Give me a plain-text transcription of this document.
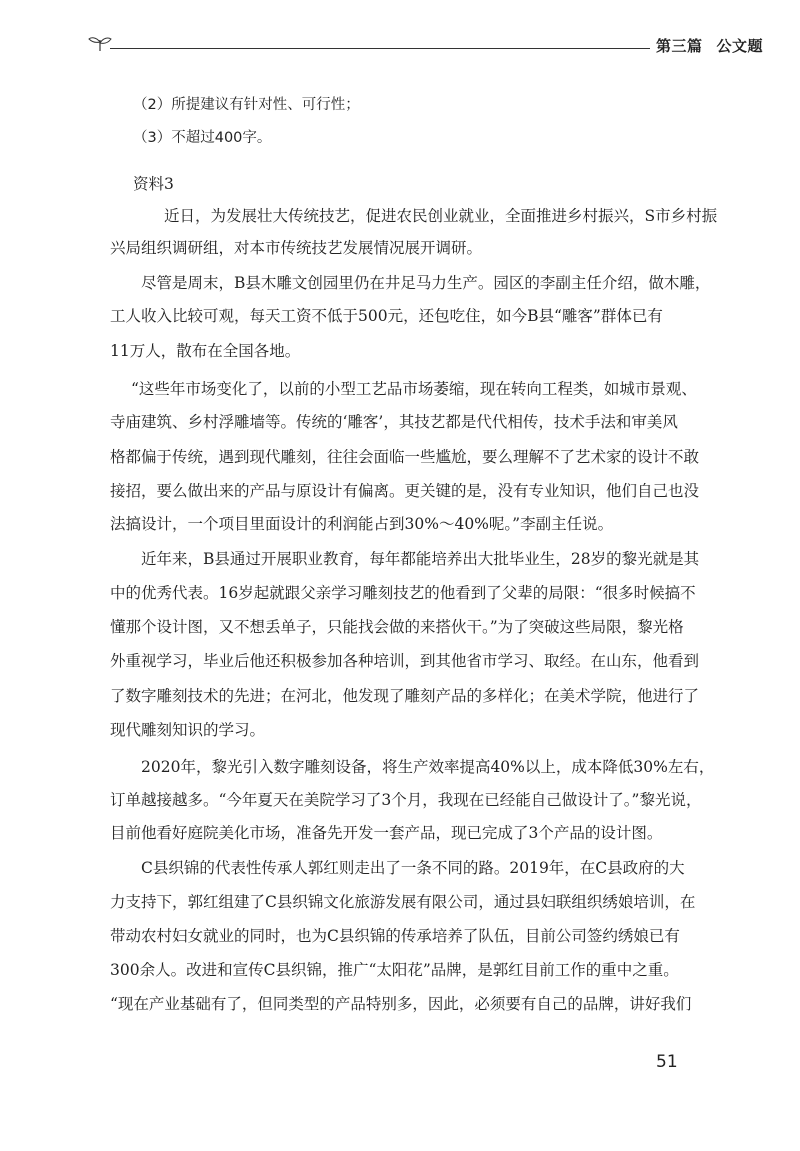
第三篇 公文题
（2）所提建议有针对性、可行性；
（3）不超过400字。
资料3
近日，为发展壮大传统技艺，促进农民创业就业，全面推进乡村振兴，S市乡村振
兴局组织调研组，对本市传统技艺发展情况展开调研。
尽管是周末，B县木雕文创园里仍在井足马力生产。园区的李副主任介绍，做木雕，
工人收入比较可观，每天工资不低于500元，还包吃住，如今B县“雕客”群体已有
11万人，散布在全国各地。
“这些年市场变化了，以前的小型工艺品市场萎缩，现在转向工程类，如城市景观、
寺庙建筑、乡村浮雕墙等。传统的‘雕客’，其技艺都是代代相传，技术手法和审美风
格都偏于传统，遇到现代雕刻，往往会面临一些尴尬，要么理解不了艺术家的设计不敢
接招，要么做出来的产品与原设计有偏离。更关键的是，没有专业知识，他们自己也没
法搞设计，一个项目里面设计的利润能占到30%～40%呢。”李副主任说。
近年来，B县通过开展职业教育，每年都能培养出大批毕业生，28岁的黎光就是其
中的优秀代表。16岁起就跟父亲学习雕刻技艺的他看到了父辈的局限：“很多时候搞不
懂那个设计图，又不想丢单子，只能找会做的来搭伙干。”为了突破这些局限，黎光格
外重视学习，毕业后他还积极参加各种培训，到其他省市学习、取经。在山东，他看到
了数字雕刻技术的先进；在河北，他发现了雕刻产品的多样化；在美术学院，他进行了
现代雕刻知识的学习。
2020年，黎光引入数字雕刻设备，将生产效率提高40%以上，成本降低30%左右，
订单越接越多。“今年夏天在美院学习了3个月，我现在已经能自己做设计了。”黎光说，
目前他看好庭院美化市场，准备先开发一套产品，现已完成了3个产品的设计图。
C县织锦的代表性传承人郭红则走出了一条不同的路。2019年，在C县政府的大
力支持下，郭红组建了C县织锦文化旅游发展有限公司，通过县妇联组织绣娘培训，在
带动农村妇女就业的同时，也为C县织锦的传承培养了队伍，目前公司签约绣娘已有
300余人。改进和宣传C县织锦，推广“太阳花”品牌，是郭红目前工作的重中之重。
“现在产业基础有了，但同类型的产品特别多，因此，必须要有自己的品牌，讲好我们
51
